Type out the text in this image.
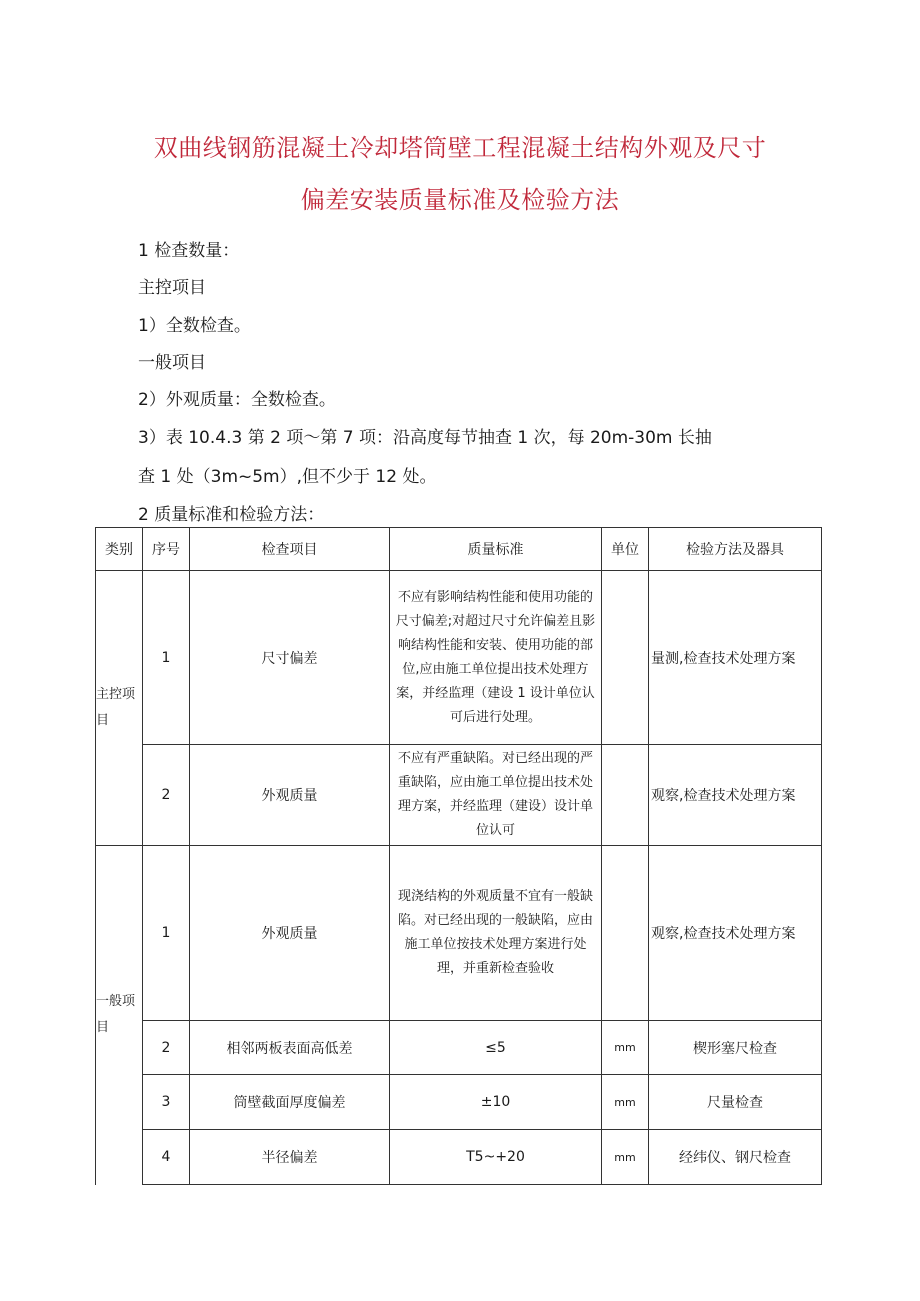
双曲线钢筋混凝土冷却塔筒壁工程混凝土结构外观及尺寸
偏差安装质量标准及检验方法

1 检查数量：

主控项目

1）全数检查。

一般项目

2）外观质量：全数检查。

3）表 10.4.3 第 2 项～第 7 项：沿高度每节抽查 1 次，每 20m-30m 长抽

查 1 处（3m~5m）,但不少于 12 处。

2 质量标准和检验方法：

类别	序号	检查项目	质量标准	单位	检验方法及器具
主控项目	1	尺寸偏差	不应有影响结构性能和使用功能的尺寸偏差;对超过尺寸允许偏差且影响结构性能和安装、使用功能的部位,应由施工单位提出技术处理方案，并经监理（建设 1 设计单位认可后进行处理。		量测,检查技术处理方案
	2	外观质量	不应有严重缺陷。对已经出现的严重缺陷，应由施工单位提出技术处理方案，并经监理（建设）设计单位认可		观察,检查技术处理方案
一般项目	1	外观质量	现浇结构的外观质量不宜有一般缺陷。对已经出现的一般缺陷，应由施工单位按技术处理方案进行处理，并重新检查验收		观察,检查技术处理方案
	2	相邻两板表面高低差	≤5	mm	楔形塞尺检查
	3	筒壁截面厚度偏差	±10	mm	尺量检查
	4	半径偏差	T5~+20	mm	经纬仪、钢尺检查
